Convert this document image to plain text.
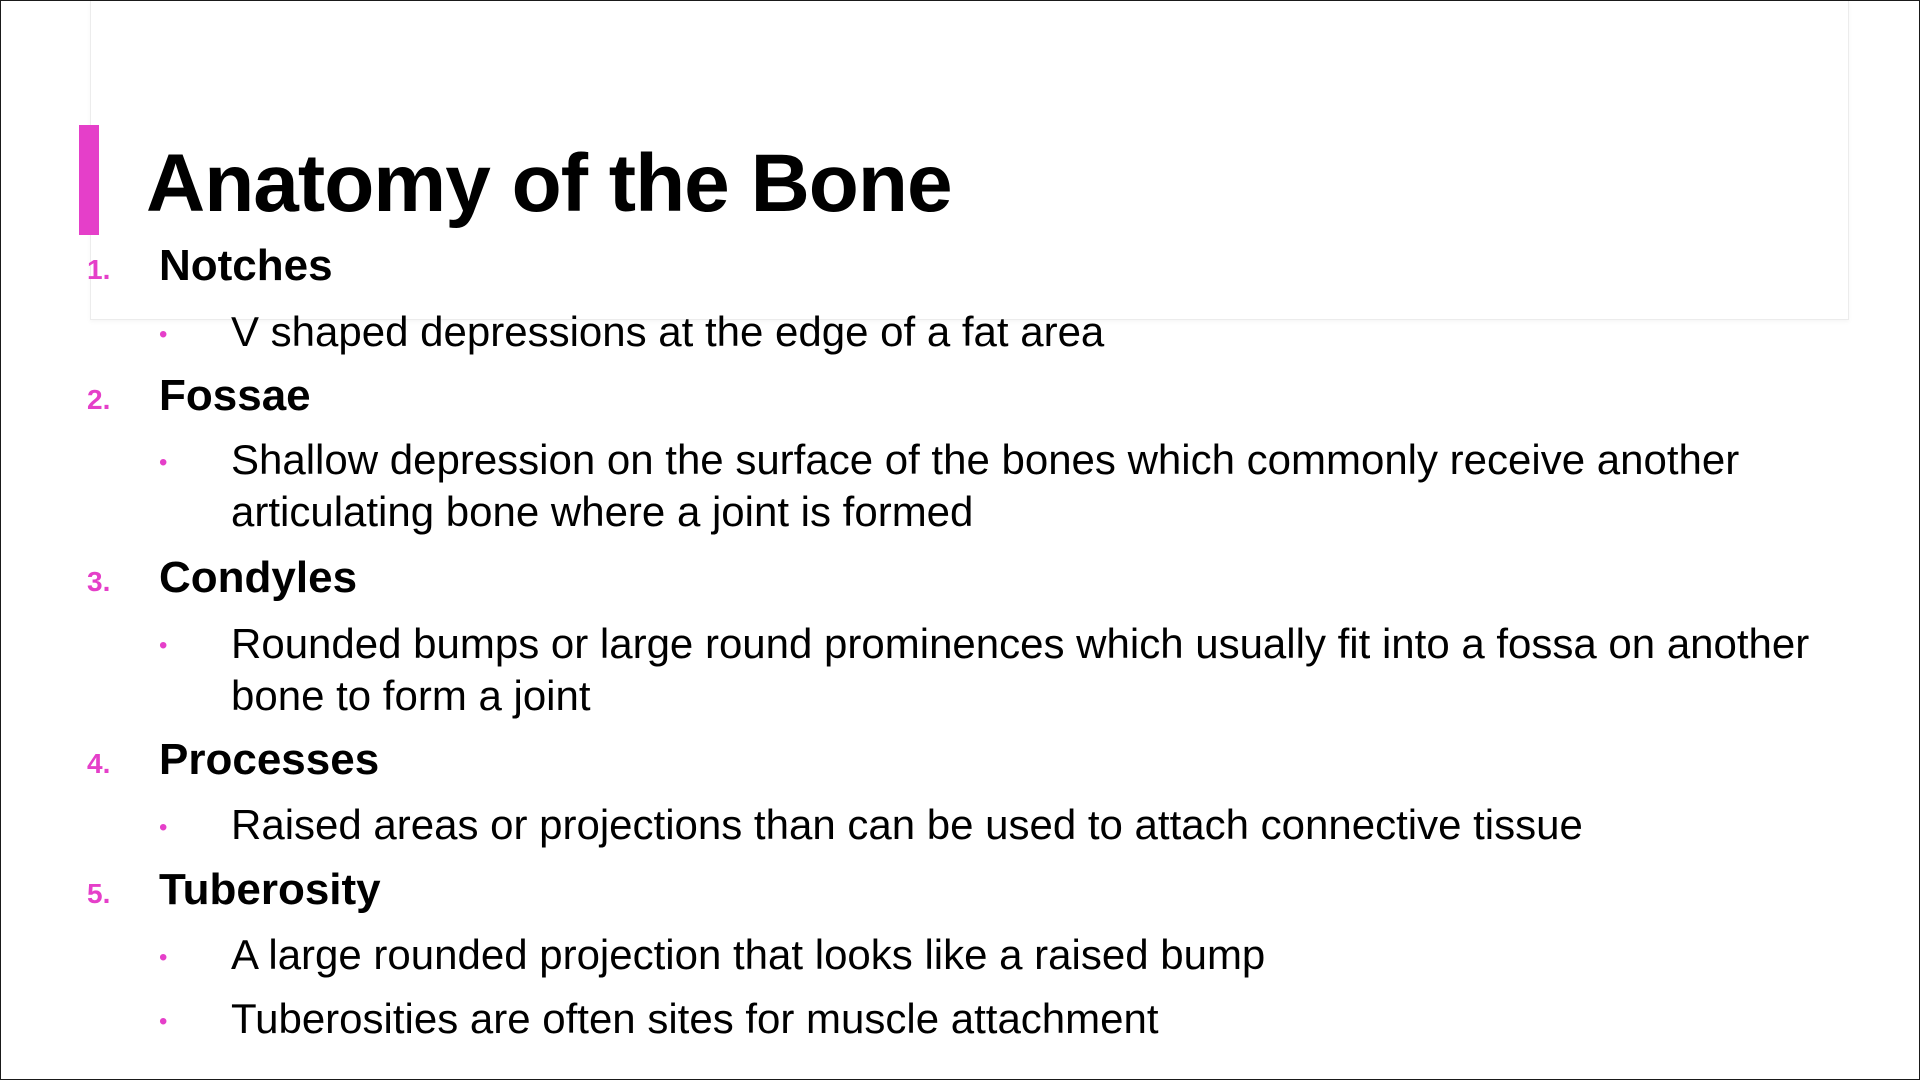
Anatomy of the Bone
1. Notches
• V shaped depressions at the edge of a fat area

2. Fossae
• Shallow depression on the surface of the bones which commonly receive another articulating bone where a joint is formed

3. Condyles
• Rounded bumps or large round prominences which usually fit into a fossa on another bone to form a joint

4. Processes
• Raised areas or projections than can be used to attach connective tissue

5. Tuberosity
• A large rounded projection that looks like a raised bump

• Tuberosities are often sites for muscle attachment
